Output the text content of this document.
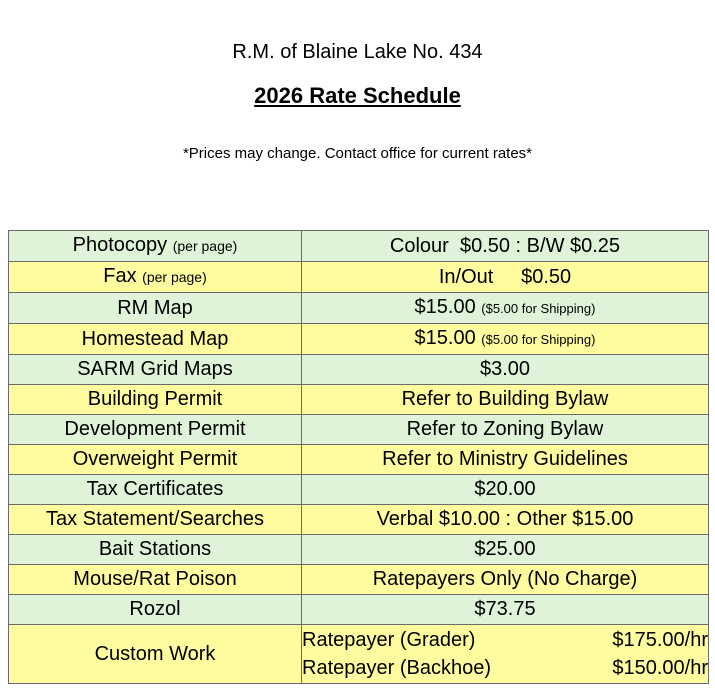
R.M. of Blaine Lake No. 434
2026 Rate Schedule
*Prices may change. Contact office for current rates*
Photocopy (per page)	Colour  $0.50 : B/W $0.25
Fax (per page)	In/Out     $0.50
RM Map	$15.00 ($5.00 for Shipping)
Homestead Map	$15.00 ($5.00 for Shipping)
SARM Grid Maps	$3.00
Building Permit	Refer to Building Bylaw
Development Permit	Refer to Zoning Bylaw
Overweight Permit	Refer to Ministry Guidelines
Tax Certificates	$20.00
Tax Statement/Searches	Verbal $10.00 : Other $15.00
Bait Stations	$25.00
Mouse/Rat Poison	Ratepayers Only (No Charge)
Rozol	$73.75
Custom Work	Ratepayer (Grader) $175.00/hr
Ratepayer (Backhoe) $150.00/hr
